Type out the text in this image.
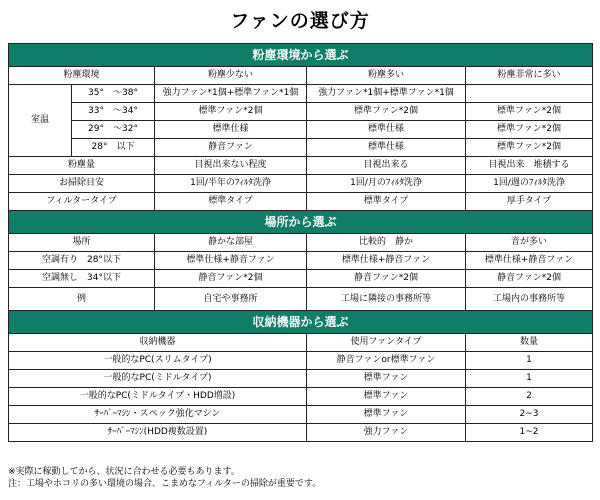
ファンの選び方
粉塵環境から選ぶ				
粉塵環境		粉塵少ない	粉塵多い	粉塵非常に多い
室温	35°　～38°	強力ファン*1個+標準ファン*1個	強力ファン*1個+標準ファン*1個	
	33°　～34°	標準ファン*2個	標準ファン*2個	標準ファン*2個
	29°　～32°	標準仕様	標準仕様	標準ファン*2個
	28°　以下	静音ファン	標準仕様	標準ファン*2個
粉塵量		目視出来ない程度	目視出来る	目視出来　堆積する
お掃除目安		1回/半年のﾌｨﾙﾀ洗浄	1回/月のﾌｨﾙﾀ洗浄	1回/週のﾌｨﾙﾀ洗浄
フィルタータイプ		標準タイプ	標準タイプ	厚手タイプ
場所から選ぶ				
場所		静かな部屋	比較的　静か	音が多い
空調有り　28°以下		標準仕様+静音ファン	標準仕様+静音ファン	標準仕様+静音ファン
空調無し　34°以下		静音ファン*2個	静音ファン*2個	静音ファン*2個
例		自宅や事務所	工場に隣接の事務所等	工場内の事務所等
収納機器から選ぶ				
収納機器			使用ファンタイプ	数量
一般的なPC(スリムタイプ)			静音ファンor標準ファン	1
一般的なPC(ミドルタイプ)			標準ファン	1
一般的なPC(ミドルタイプ・HDD増設)			標準ファン	2
ｻｰﾊﾞｰﾏｼﾝ・スペック強化マシン			標準ファン	2~3
ｻｰﾊﾞｰﾏｼﾝ(HDD複数設置)			強力ファン	1~2
※実際に稼動してから、状況に合わせる必要もあります。
注：工場やホコリの多い環境の場合、こまめなフィルターの掃除が重要です。
